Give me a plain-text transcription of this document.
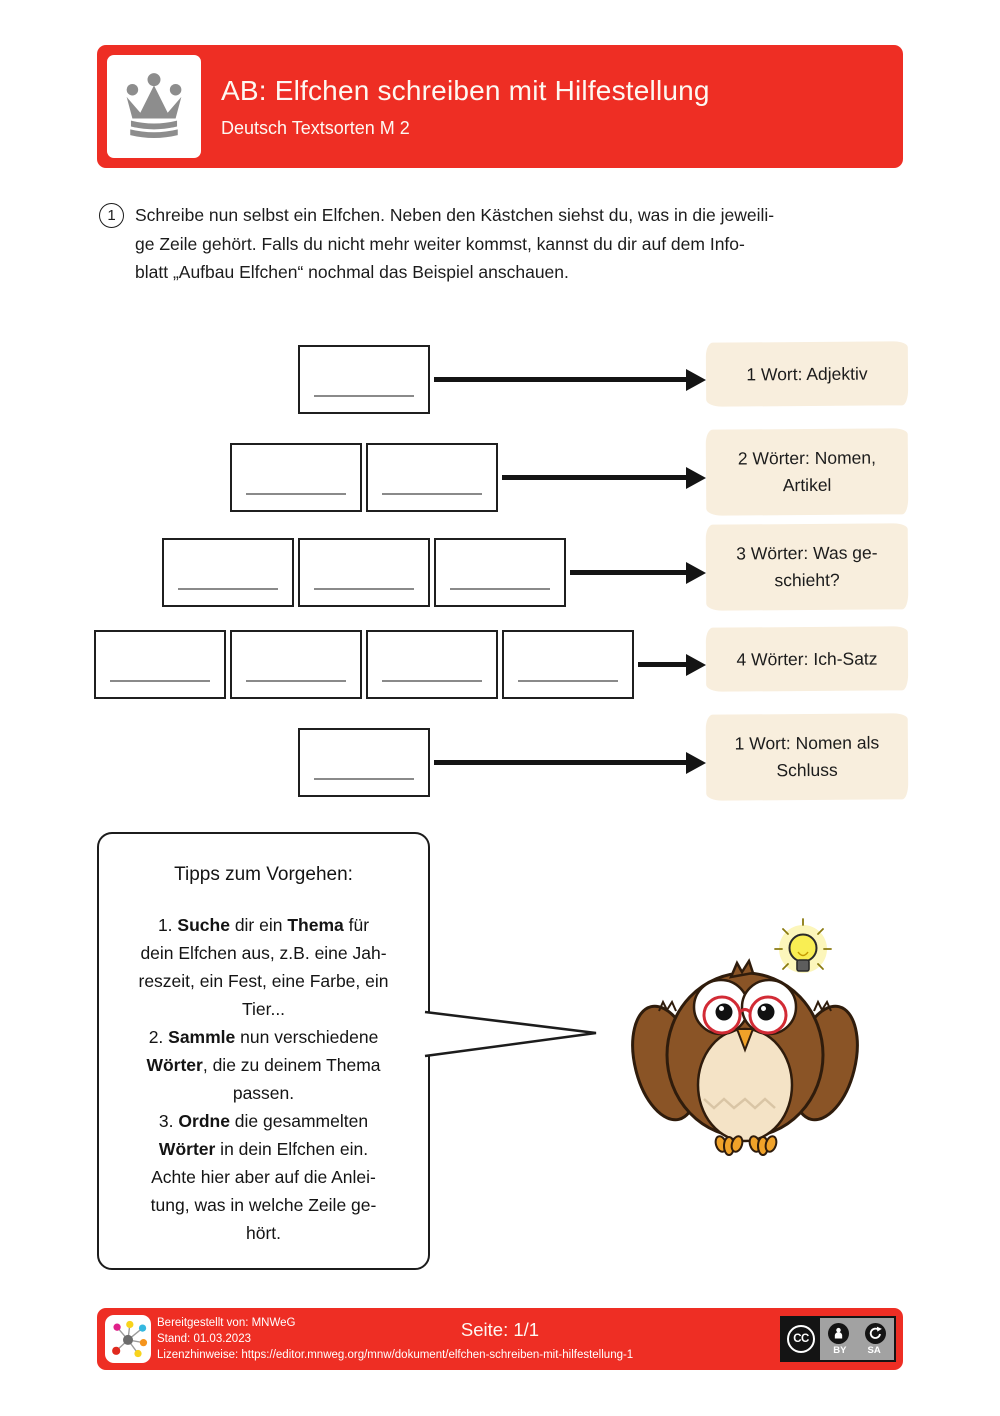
AB: Elfchen schreiben mit Hilfestellung
Deutsch Textsorten M 2
1	Schreibe nun selbst ein Elfchen. Neben den Kästchen siehst du, was in die jeweili-
ge Zeile gehört. Falls du nicht mehr weiter kommst, kannst du dir auf dem Info-
blatt „Aufbau Elfchen“ nochmal das Beispiel anschauen.
1 Wort: Adjektiv
2 Wörter: Nomen,
Artikel
3 Wörter: Was ge-
schieht?
4 Wörter: Ich-Satz
1 Wort: Nomen als
Schluss
Tipps zum Vorgehen:
1. Suche dir ein Thema für
dein Elfchen aus, z.B. eine Jah-
reszeit, ein Fest, eine Farbe, ein
Tier...
2. Sammle nun verschiedene
Wörter, die zu deinem Thema
passen.
3. Ordne die gesammelten
Wörter in dein Elfchen ein.
Achte hier aber auf die Anlei-
tung, was in welche Zeile ge-
hört.
Bereitgestellt von: MNWeG
Stand: 01.03.2023
Lizenzhinweise: https://editor.mnweg.org/mnw/dokument/elfchen-schreiben-mit-hilfestellung-1
Seite: 1/1	CC
BY SA
